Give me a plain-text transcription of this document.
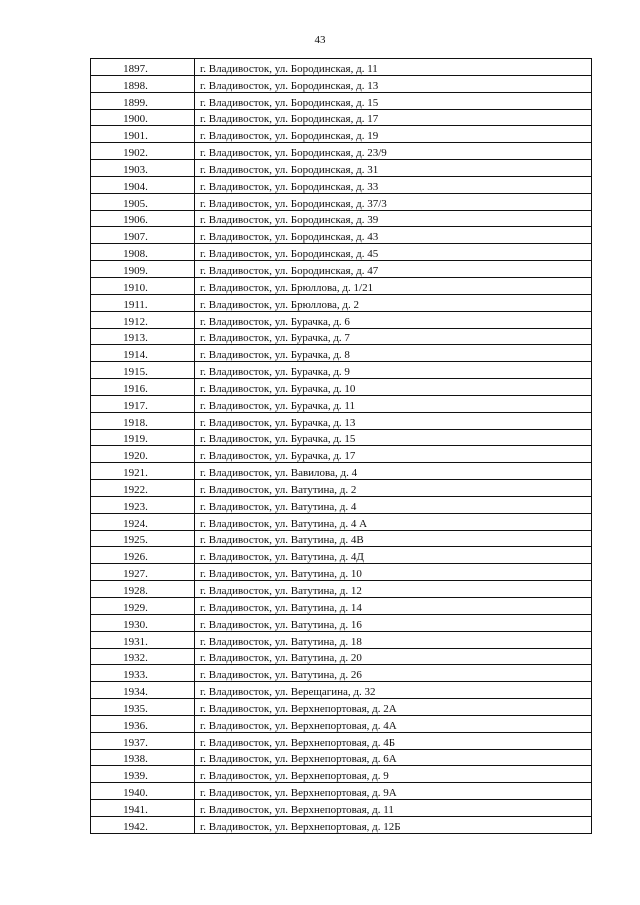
43
1897.	г. Владивосток, ул. Бородинская, д. 11
1898.	г. Владивосток, ул. Бородинская, д. 13
1899.	г. Владивосток, ул. Бородинская, д. 15
1900.	г. Владивосток, ул. Бородинская, д. 17
1901.	г. Владивосток, ул. Бородинская, д. 19
1902.	г. Владивосток, ул. Бородинская, д. 23/9
1903.	г. Владивосток, ул. Бородинская, д. 31
1904.	г. Владивосток, ул. Бородинская, д. 33
1905.	г. Владивосток, ул. Бородинская, д. 37/3
1906.	г. Владивосток, ул. Бородинская, д. 39
1907.	г. Владивосток, ул. Бородинская, д. 43
1908.	г. Владивосток, ул. Бородинская, д. 45
1909.	г. Владивосток, ул. Бородинская, д. 47
1910.	г. Владивосток, ул. Брюллова, д. 1/21
1911.	г. Владивосток, ул. Брюллова, д. 2
1912.	г. Владивосток, ул. Бурачка, д. 6
1913.	г. Владивосток, ул. Бурачка, д. 7
1914.	г. Владивосток, ул. Бурачка, д. 8
1915.	г. Владивосток, ул. Бурачка, д. 9
1916.	г. Владивосток, ул. Бурачка, д. 10
1917.	г. Владивосток, ул. Бурачка, д. 11
1918.	г. Владивосток, ул. Бурачка, д. 13
1919.	г. Владивосток, ул. Бурачка, д. 15
1920.	г. Владивосток, ул. Бурачка, д. 17
1921.	г. Владивосток, ул. Вавилова, д. 4
1922.	г. Владивосток, ул. Ватутина, д. 2
1923.	г. Владивосток, ул. Ватутина, д. 4
1924.	г. Владивосток, ул. Ватутина, д. 4 А
1925.	г. Владивосток, ул. Ватутина, д. 4В
1926.	г. Владивосток, ул. Ватутина, д. 4Д
1927.	г. Владивосток, ул. Ватутина, д. 10
1928.	г. Владивосток, ул. Ватутина, д. 12
1929.	г. Владивосток, ул. Ватутина, д. 14
1930.	г. Владивосток, ул. Ватутина, д. 16
1931.	г. Владивосток, ул. Ватутина, д. 18
1932.	г. Владивосток, ул. Ватутина, д. 20
1933.	г. Владивосток, ул. Ватутина, д. 26
1934.	г. Владивосток, ул. Верещагина, д. 32
1935.	г. Владивосток, ул. Верхнепортовая, д. 2А
1936.	г. Владивосток, ул. Верхнепортовая, д. 4А
1937.	г. Владивосток, ул. Верхнепортовая, д. 4Б
1938.	г. Владивосток, ул. Верхнепортовая, д. 6А
1939.	г. Владивосток, ул. Верхнепортовая, д. 9
1940.	г. Владивосток, ул. Верхнепортовая, д. 9А
1941.	г. Владивосток, ул. Верхнепортовая, д. 11
1942.	г. Владивосток, ул. Верхнепортовая, д. 12Б
